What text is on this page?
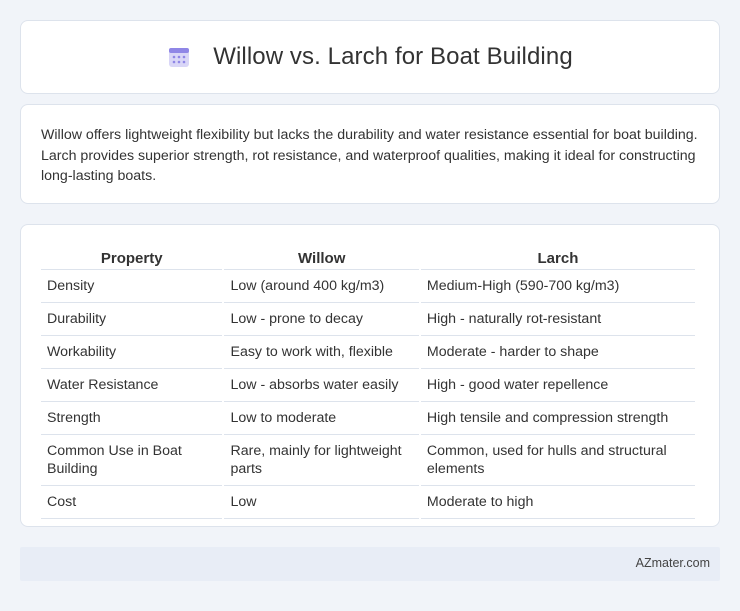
Willow vs. Larch for Boat Building

Willow offers lightweight flexibility but lacks the durability and water resistance essential for boat building. Larch provides superior strength, rot resistance, and waterproof qualities, making it ideal for constructing long-lasting boats.

Property	Willow	Larch
Density	Low (around 400 kg/m3)	Medium-High (590-700 kg/m3)
Durability	Low - prone to decay	High - naturally rot-resistant
Workability	Easy to work with, flexible	Moderate - harder to shape
Water Resistance	Low - absorbs water easily	High - good water repellence
Strength	Low to moderate	High tensile and compression strength
Common Use in Boat Building	Rare, mainly for lightweight parts	Common, used for hulls and structural elements
Cost	Low	Moderate to high
AZmater.com
